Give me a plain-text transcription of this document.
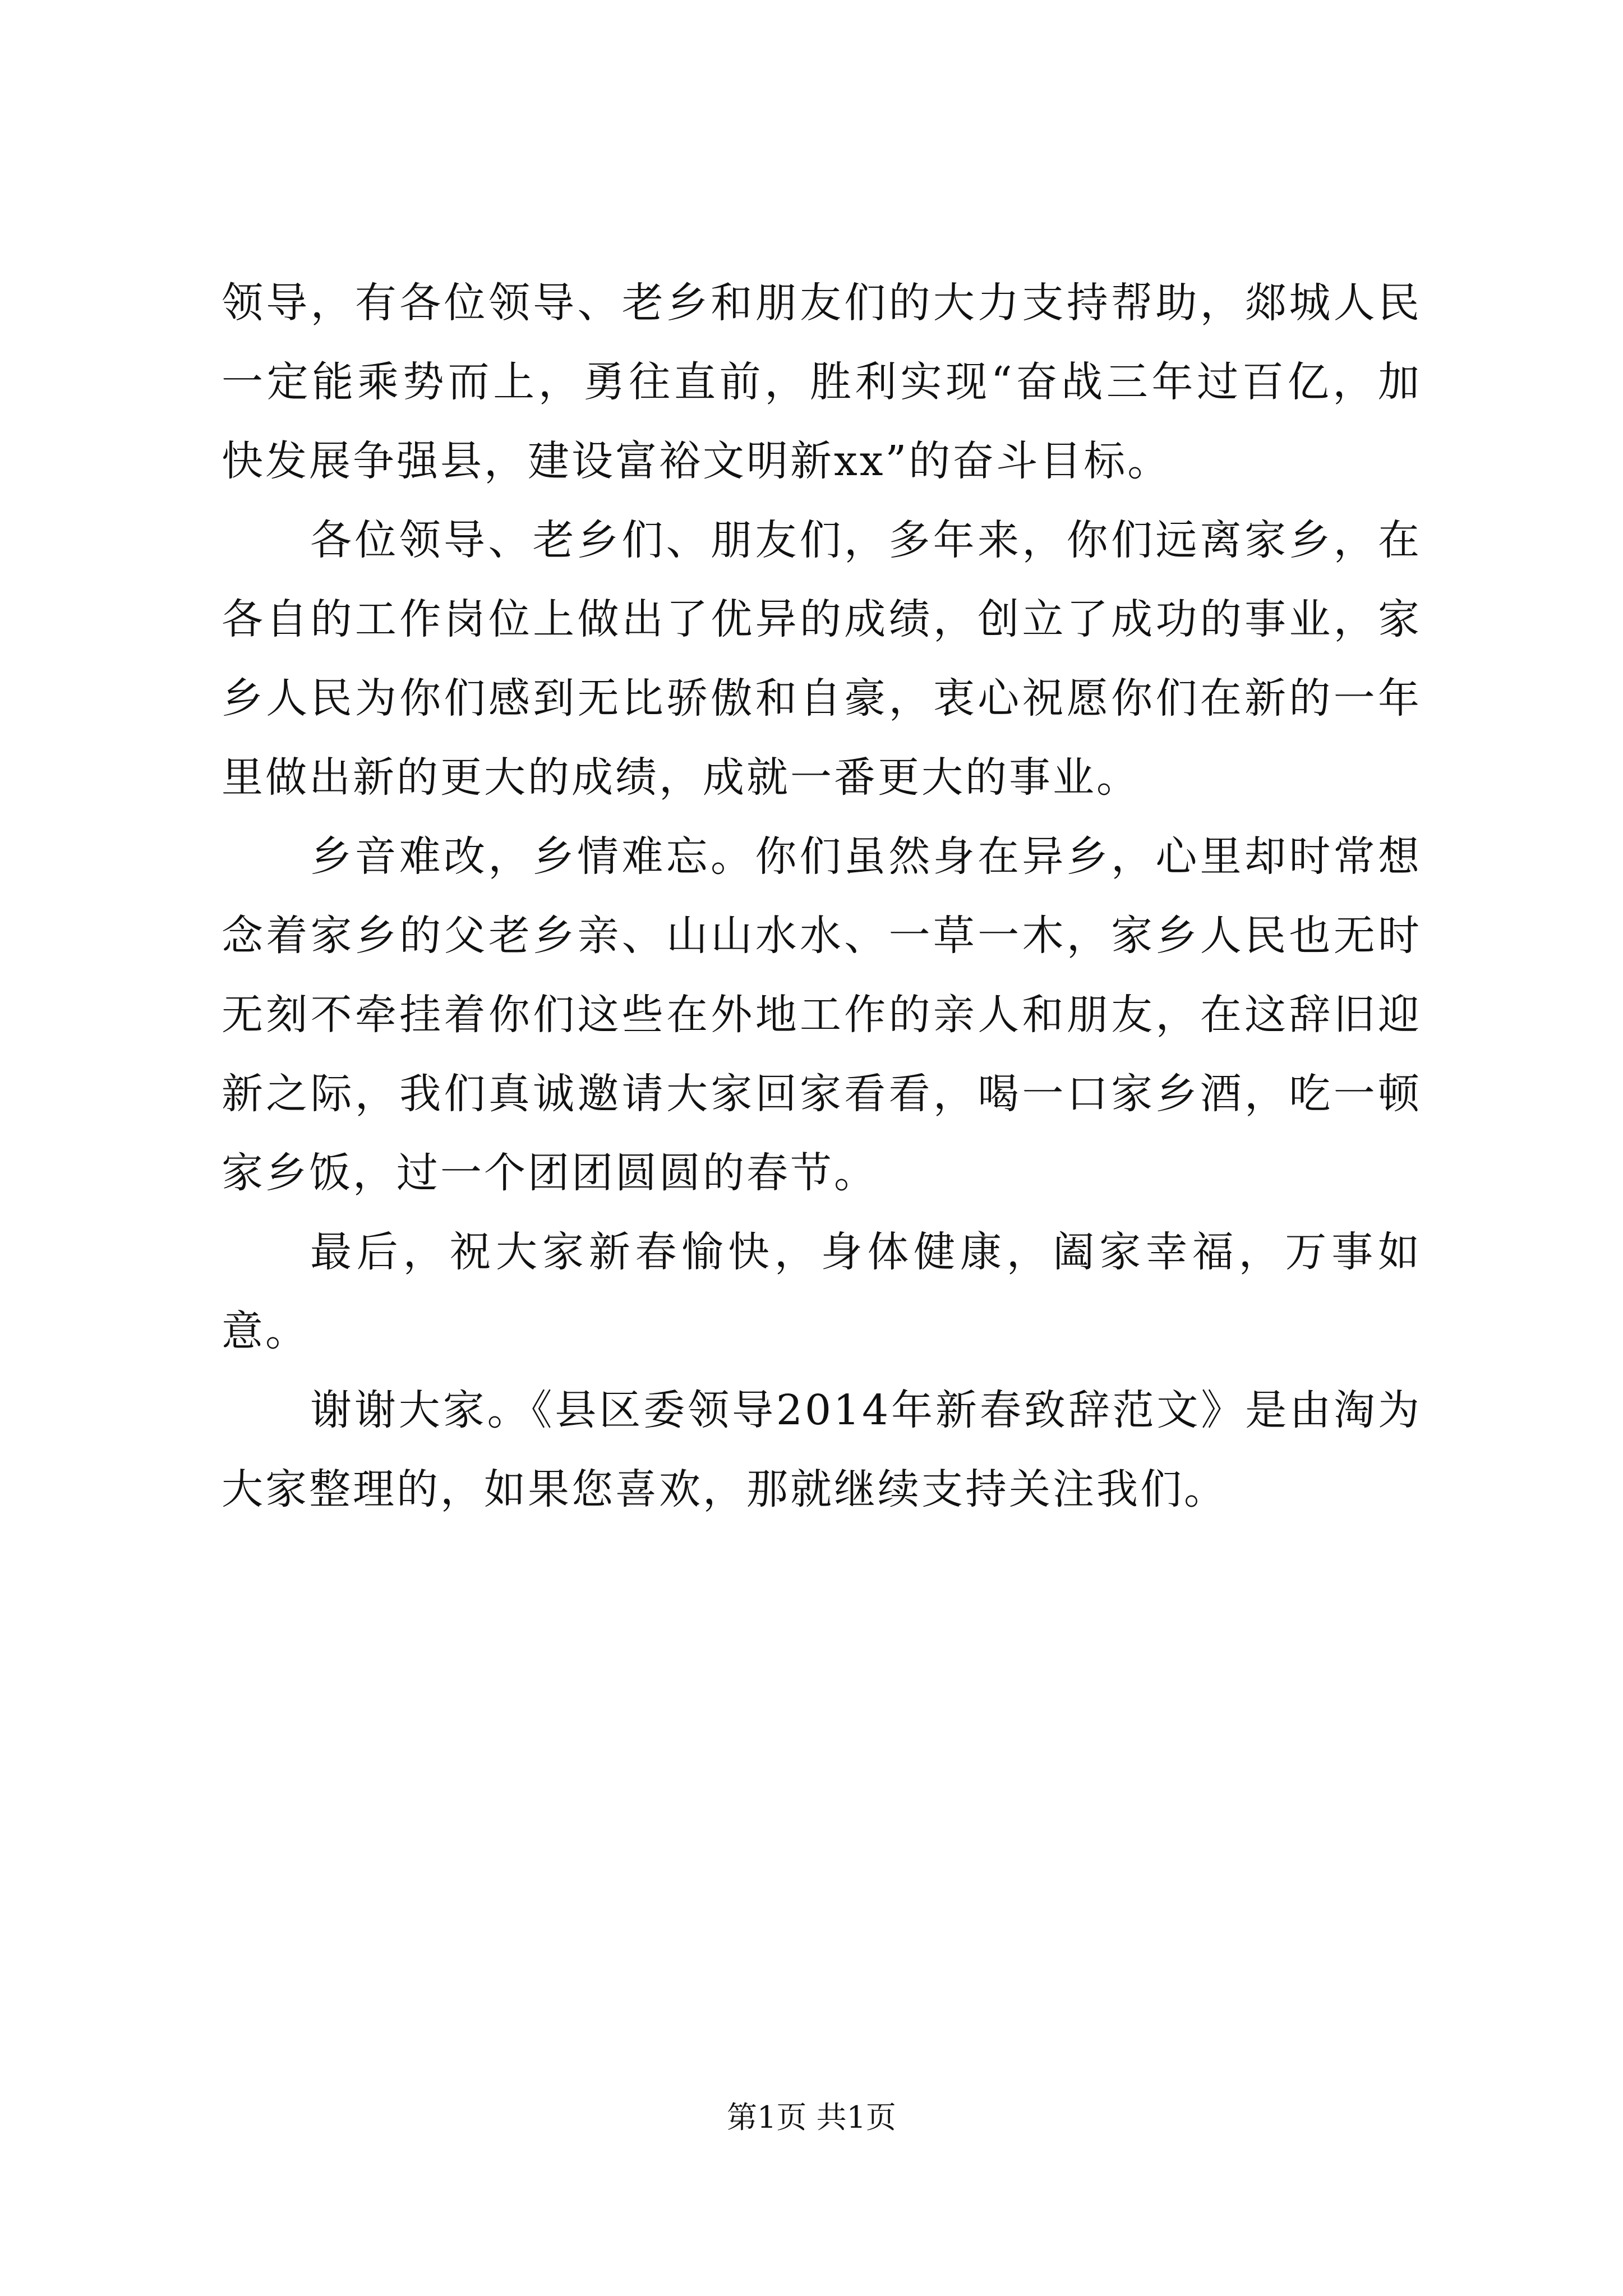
领导，有各位领导、老乡和朋友们的大力支持帮助，郯城人民一定能乘势而上，勇往直前，胜利实现“奋战三年过百亿，加快发展争强县，建设富裕文明新xx”的奋斗目标。

各位领导、老乡们、朋友们，多年来，你们远离家乡，在各自的工作岗位上做出了优异的成绩，创立了成功的事业，家乡人民为你们感到无比骄傲和自豪，衷心祝愿你们在新的一年里做出新的更大的成绩，成就一番更大的事业。

乡音难改，乡情难忘。你们虽然身在异乡，心里却时常想念着家乡的父老乡亲、山山水水、一草一木，家乡人民也无时无刻不牵挂着你们这些在外地工作的亲人和朋友，在这辞旧迎新之际，我们真诚邀请大家回家看看，喝一口家乡酒，吃一顿家乡饭，过一个团团圆圆的春节。

最后，祝大家新春愉快，身体健康，阖家幸福，万事如意。

谢谢大家。《县区委领导2014年新春致辞范文》是由淘为大家整理的，如果您喜欢，那就继续支持关注我们。

第1页 共1页
